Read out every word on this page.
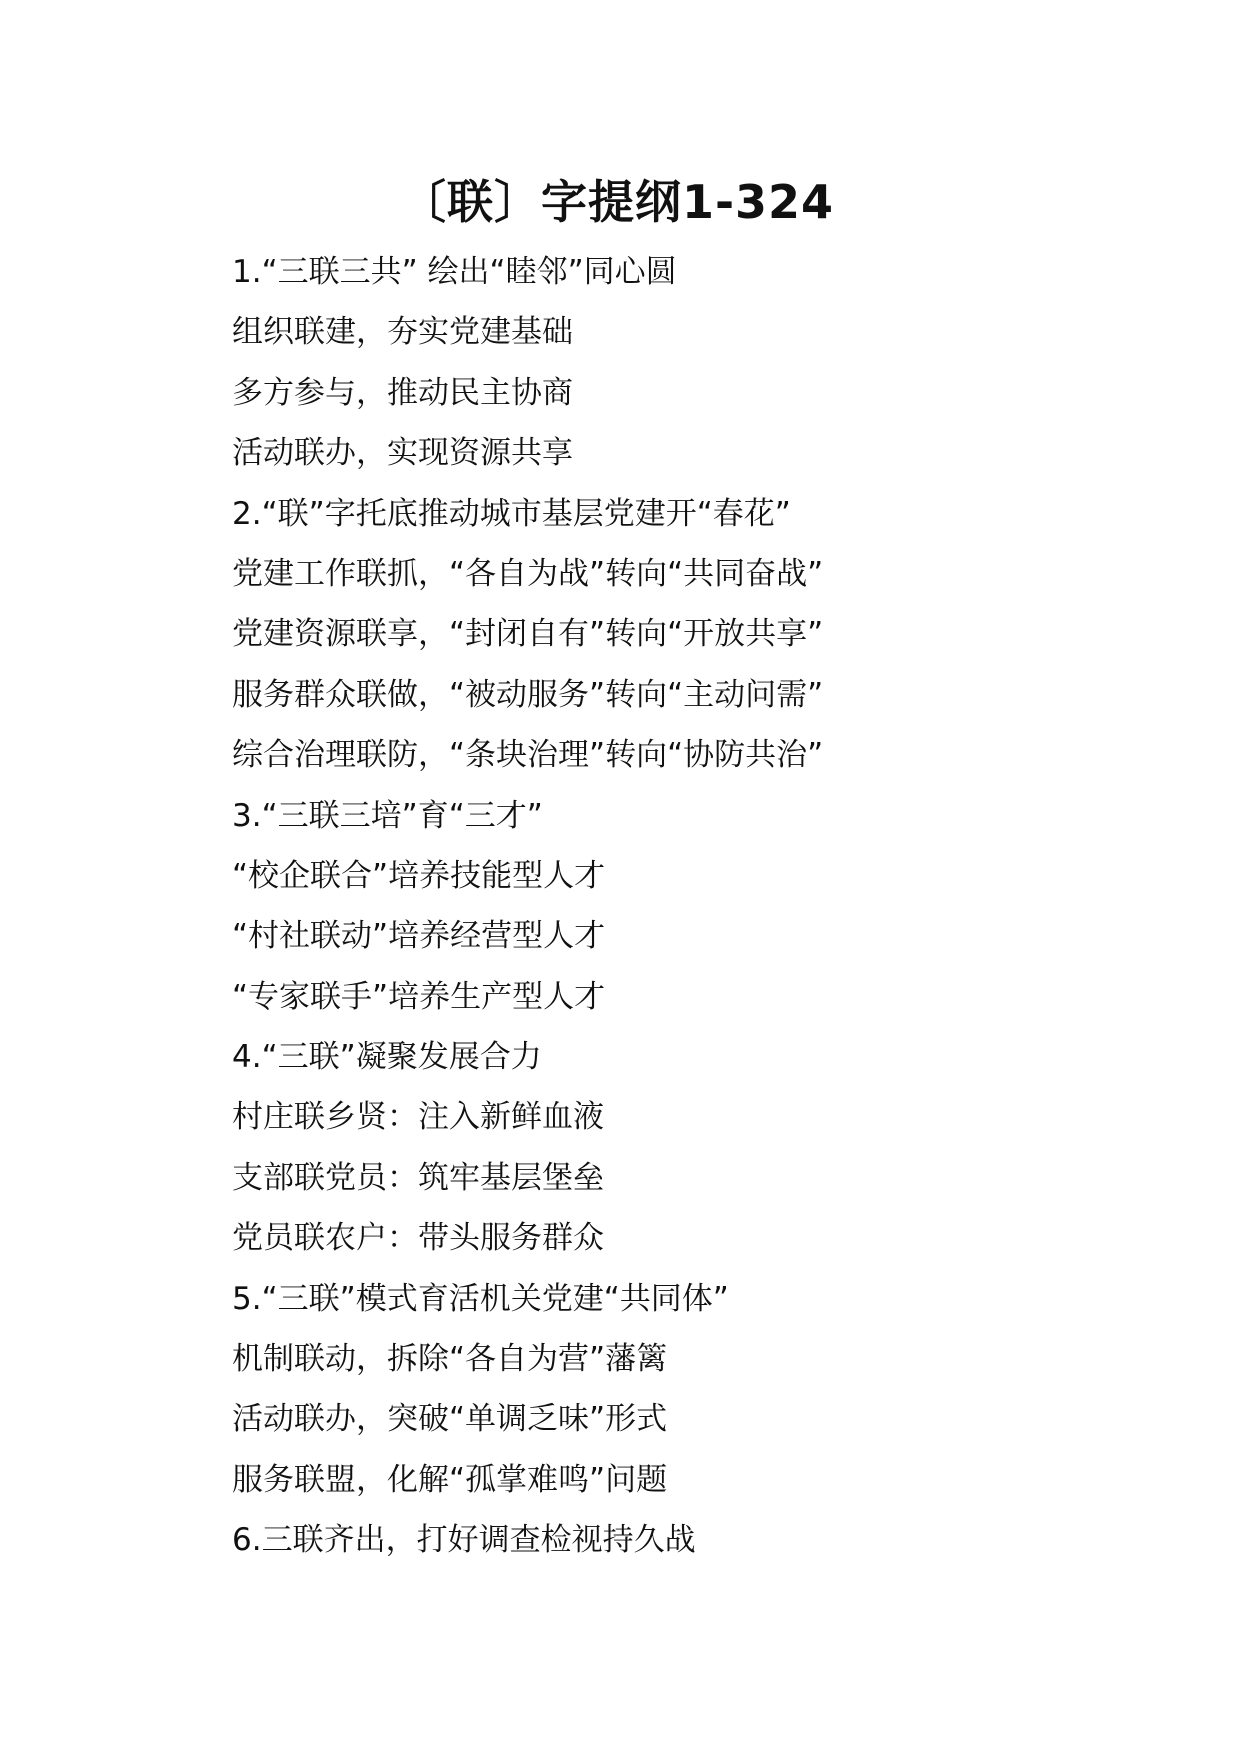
〔联〕字提纲1-324
1.“三联三共” 绘出“睦邻”同心圆
组织联建，夯实党建基础
多方参与，推动民主协商
活动联办，实现资源共享
2.“联”字托底推动城市基层党建开“春花”
党建工作联抓，“各自为战”转向“共同奋战”
党建资源联享，“封闭自有”转向“开放共享”
服务群众联做，“被动服务”转向“主动问需”
综合治理联防，“条块治理”转向“协防共治”
3.“三联三培”育“三才”
“校企联合”培养技能型人才
“村社联动”培养经营型人才
“专家联手”培养生产型人才
4.“三联”凝聚发展合力
村庄联乡贤：注入新鲜血液
支部联党员：筑牢基层堡垒
党员联农户：带头服务群众
5.“三联”模式育活机关党建“共同体”
机制联动，拆除“各自为营”藩篱
活动联办，突破“单调乏味”形式
服务联盟，化解“孤掌难鸣”问题
6.三联齐出，打好调查检视持久战
